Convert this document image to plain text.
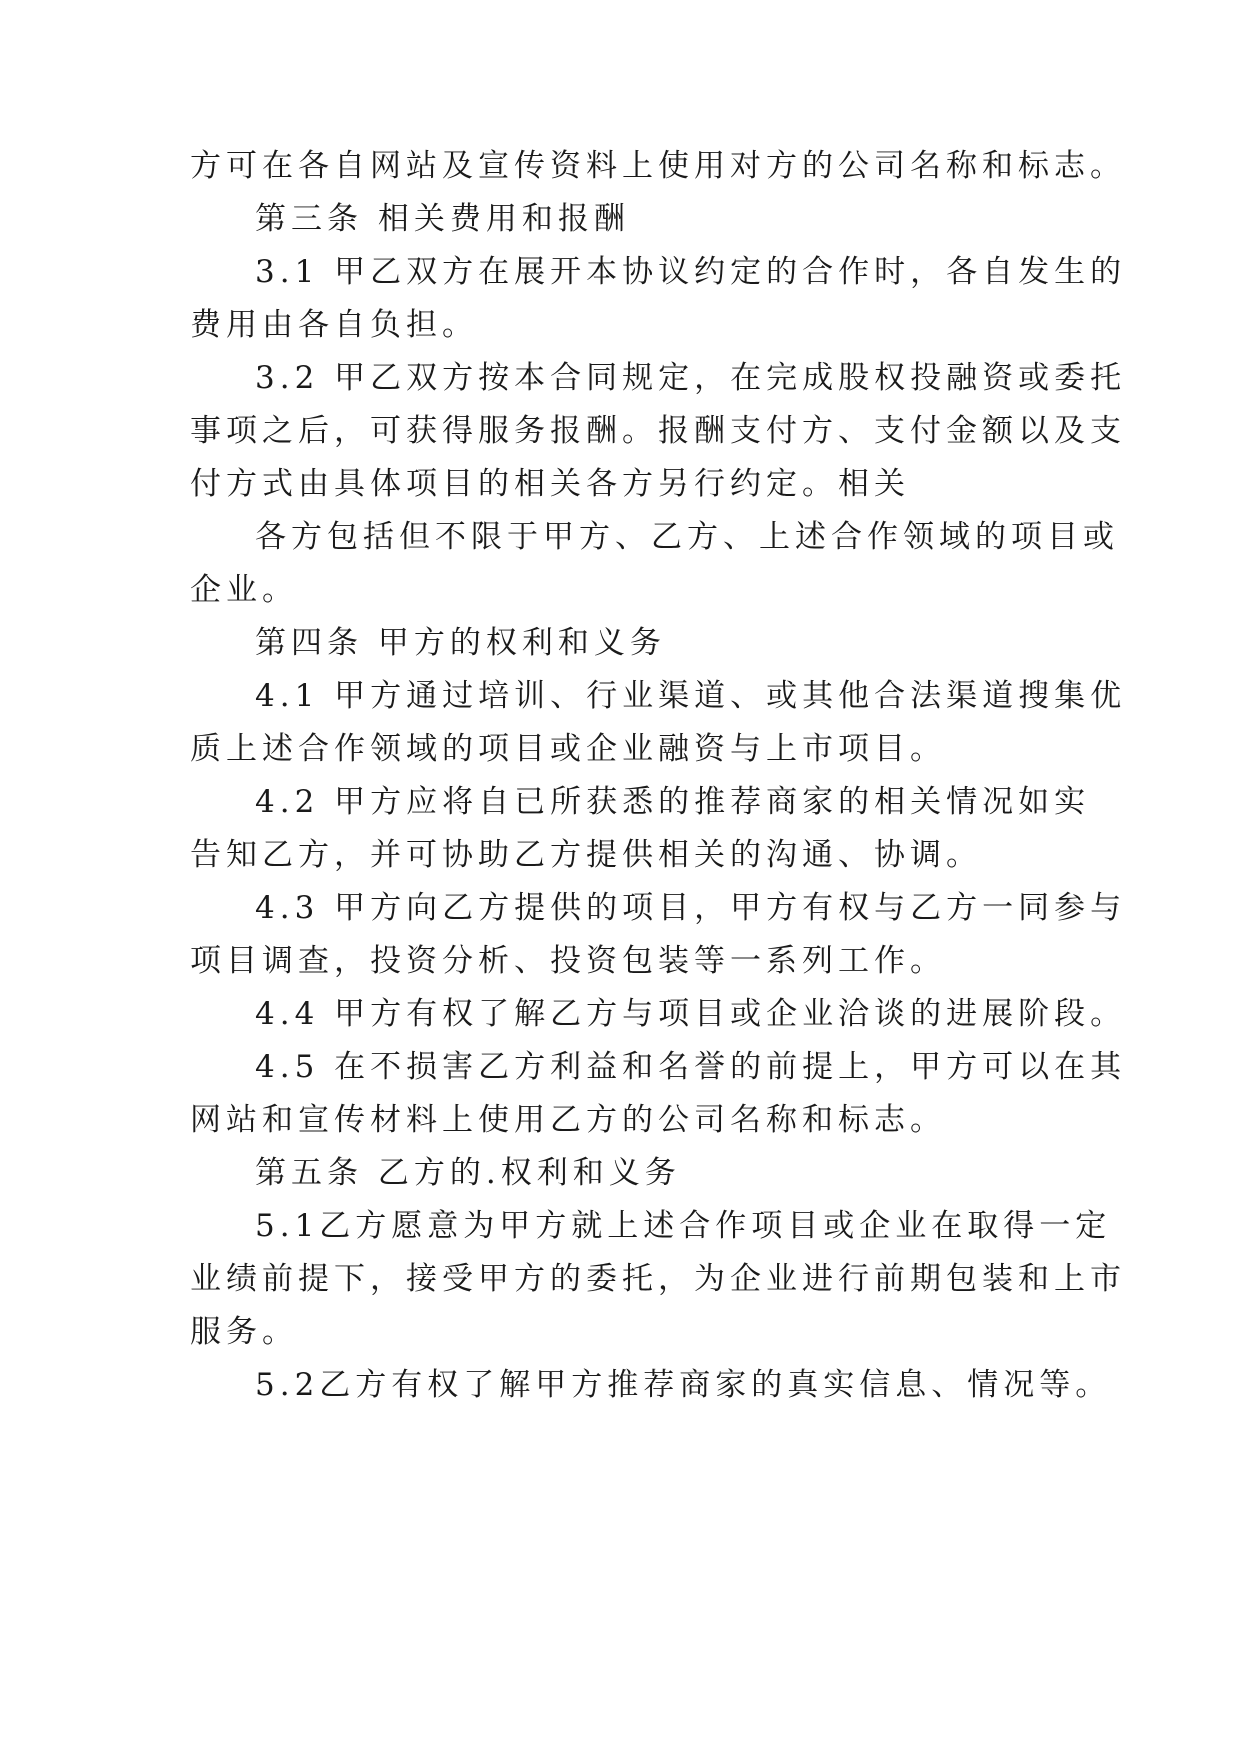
方可在各自网站及宣传资料上使用对方的公司名称和标志。
第三条 相关费用和报酬
3.1 甲乙双方在展开本协议约定的合作时，各自发生的
费用由各自负担。
3.2 甲乙双方按本合同规定，在完成股权投融资或委托
事项之后，可获得服务报酬。报酬支付方、支付金额以及支
付方式由具体项目的相关各方另行约定。相关
各方包括但不限于甲方、乙方、上述合作领域的项目或
企业。
第四条 甲方的权利和义务
4.1 甲方通过培训、行业渠道、或其他合法渠道搜集优
质上述合作领域的项目或企业融资与上市项目。
4.2 甲方应将自已所获悉的推荐商家的相关情况如实
告知乙方，并可协助乙方提供相关的沟通、协调。
4.3 甲方向乙方提供的项目，甲方有权与乙方一同参与
项目调查，投资分析、投资包装等一系列工作。
4.4 甲方有权了解乙方与项目或企业洽谈的进展阶段。
4.5 在不损害乙方利益和名誉的前提上，甲方可以在其
网站和宣传材料上使用乙方的公司名称和标志。
第五条 乙方的.权利和义务
5.1乙方愿意为甲方就上述合作项目或企业在取得一定
业绩前提下，接受甲方的委托，为企业进行前期包装和上市
服务。
5.2乙方有权了解甲方推荐商家的真实信息、情况等。
